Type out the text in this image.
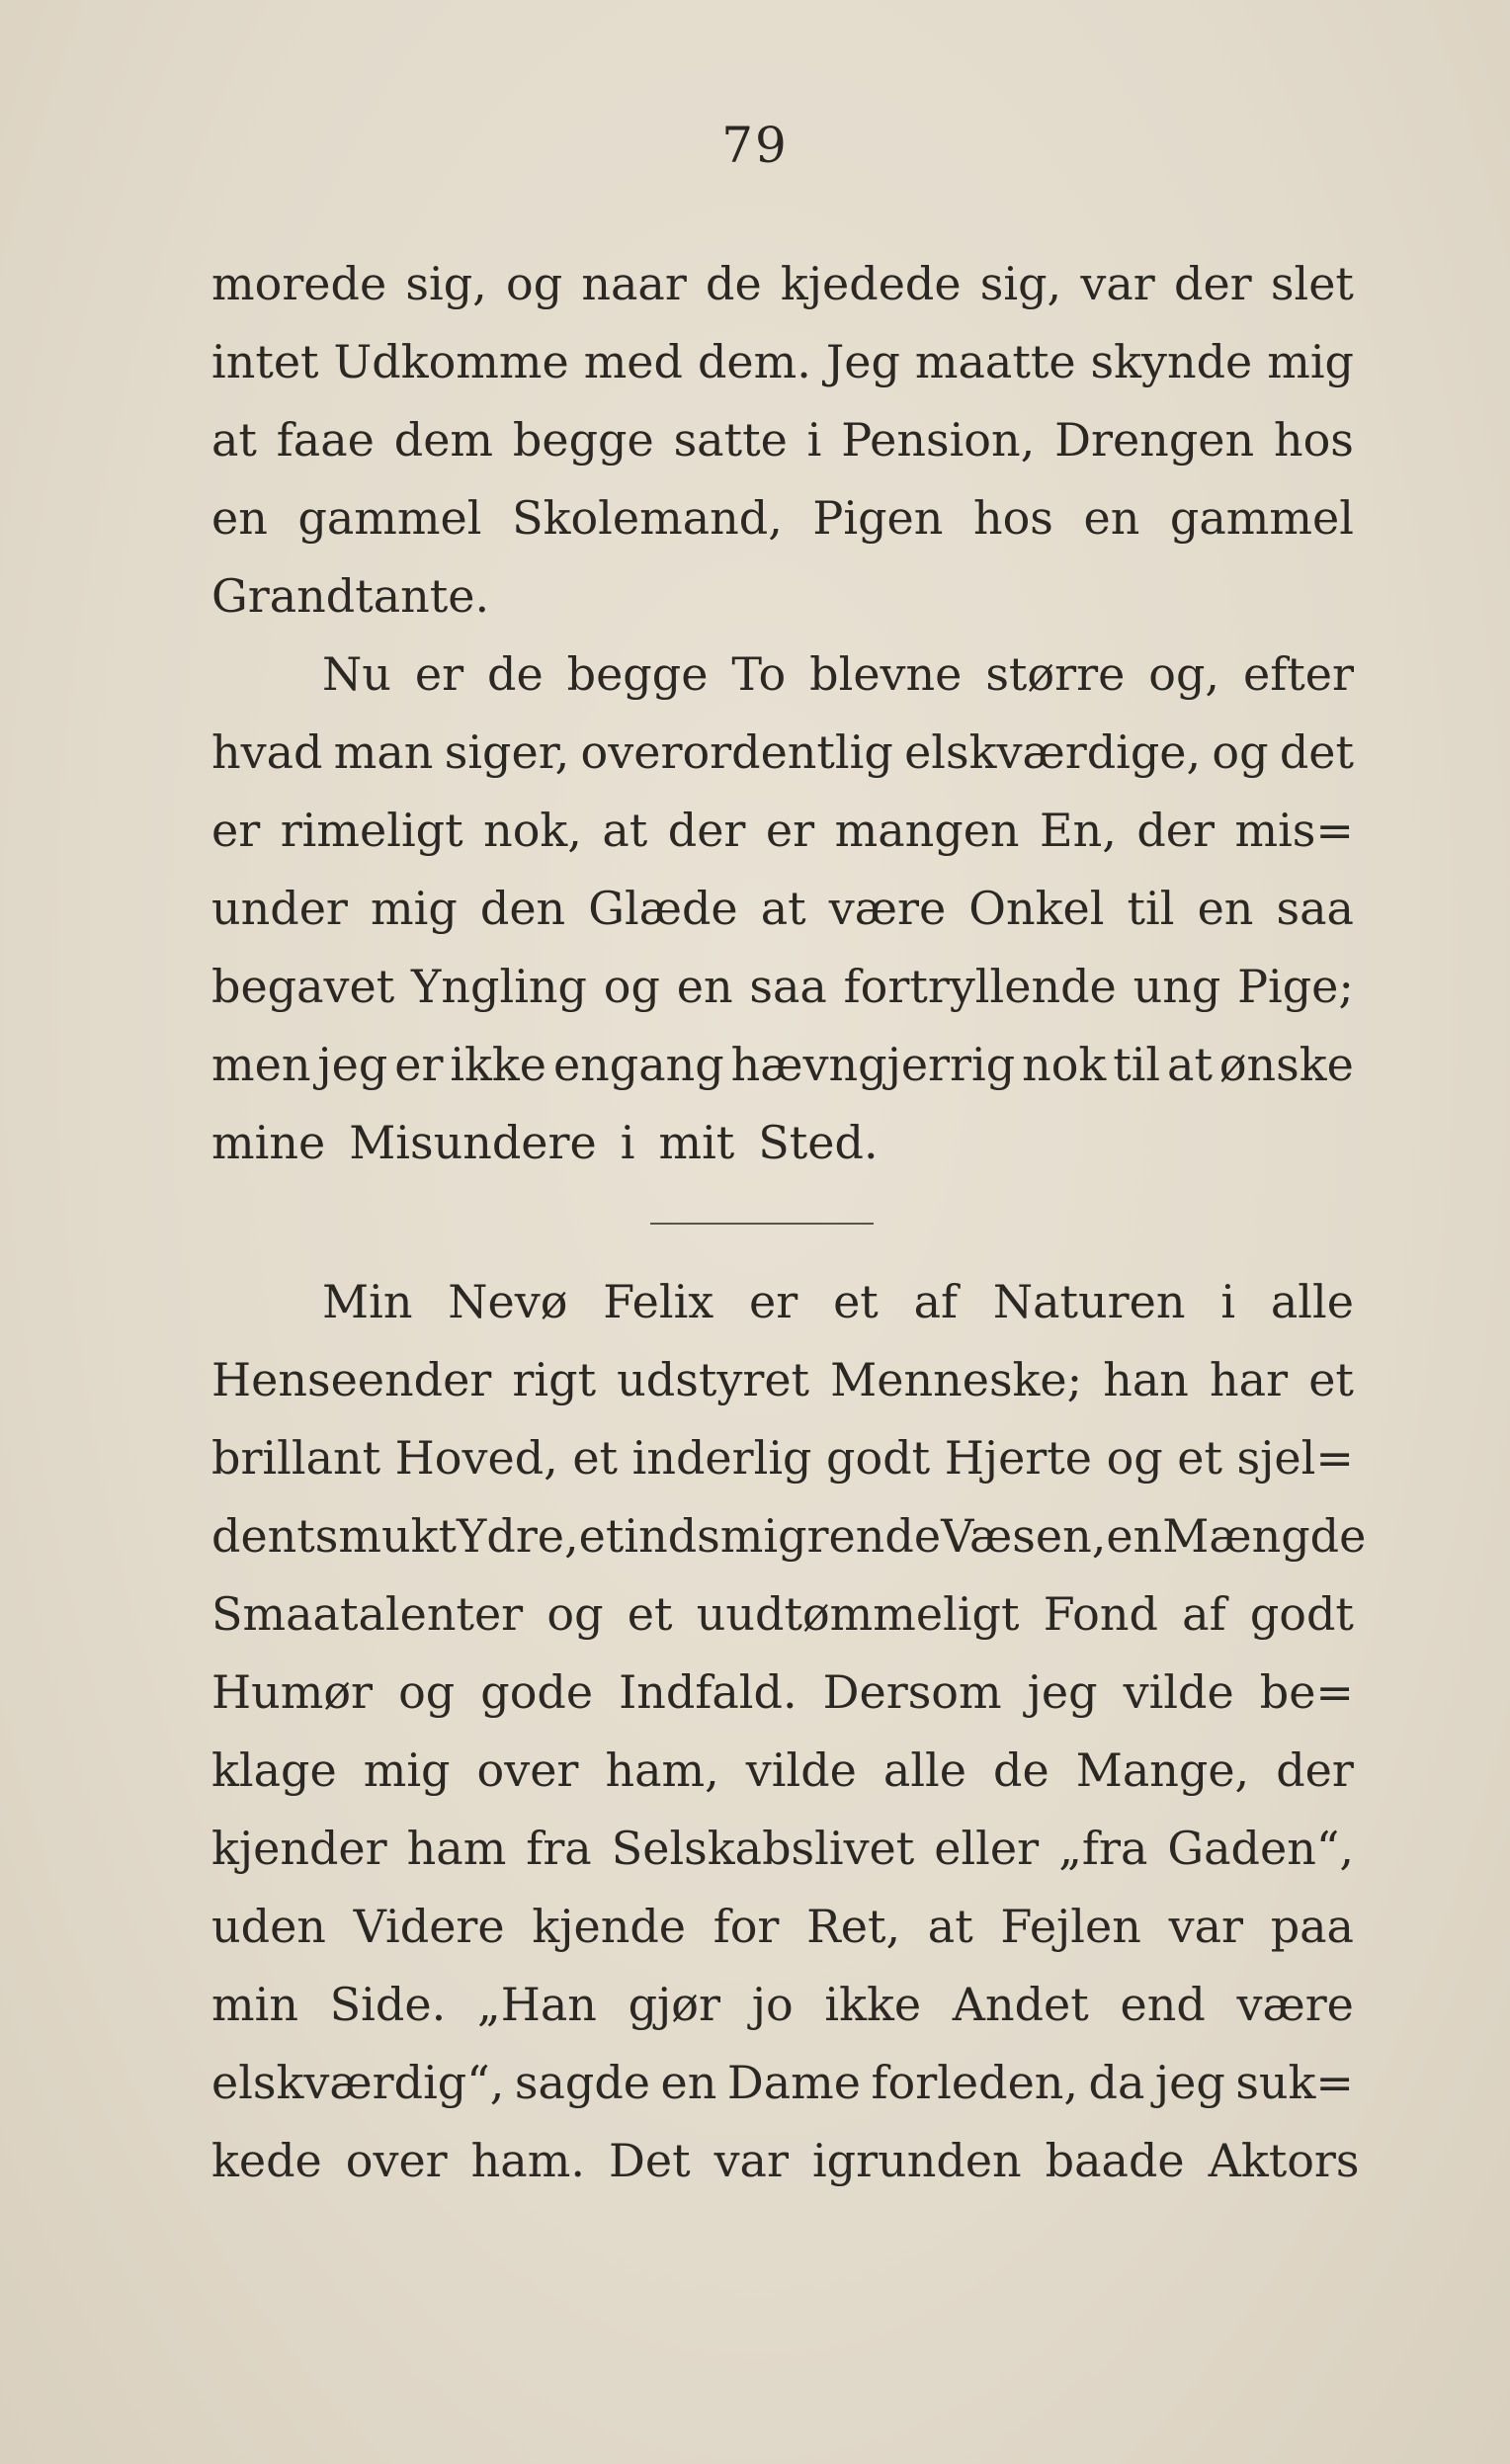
79
morede sig, og naar de kjedede sig, var der slet
intet Udkomme med dem. Jeg maatte skynde mig
at faae dem begge satte i Pension, Drengen hos
en gammel Skolemand, Pigen hos en gammel
Grandtante.
Nu er de begge To blevne større og, efter
hvad man siger, overordentlig elskværdige, og det
er rimeligt nok, at der er mangen En, der mis=
under mig den Glæde at være Onkel til en saa
begavet Yngling og en saa fortryllende ung Pige;
men jeg er ikke engang hævngjerrig nok til at ønske
mine Misundere i mit Sted.
Min Nevø Felix er et af Naturen i alle
Henseender rigt udstyret Menneske; han har et
brillant Hoved, et inderlig godt Hjerte og et sjel=
dent smukt Ydre, et indsmigrende Væsen, en Mængde
Smaatalenter og et uudtømmeligt Fond af godt
Humør og gode Indfald. Dersom jeg vilde be=
klage mig over ham, vilde alle de Mange, der
kjender ham fra Selskabslivet eller „fra Gaden“,
uden Videre kjende for Ret, at Fejlen var paa
min Side. „Han gjør jo ikke Andet end være
elskværdig“, sagde en Dame forleden, da jeg suk=
kede over ham. Det var igrunden baade Aktors
